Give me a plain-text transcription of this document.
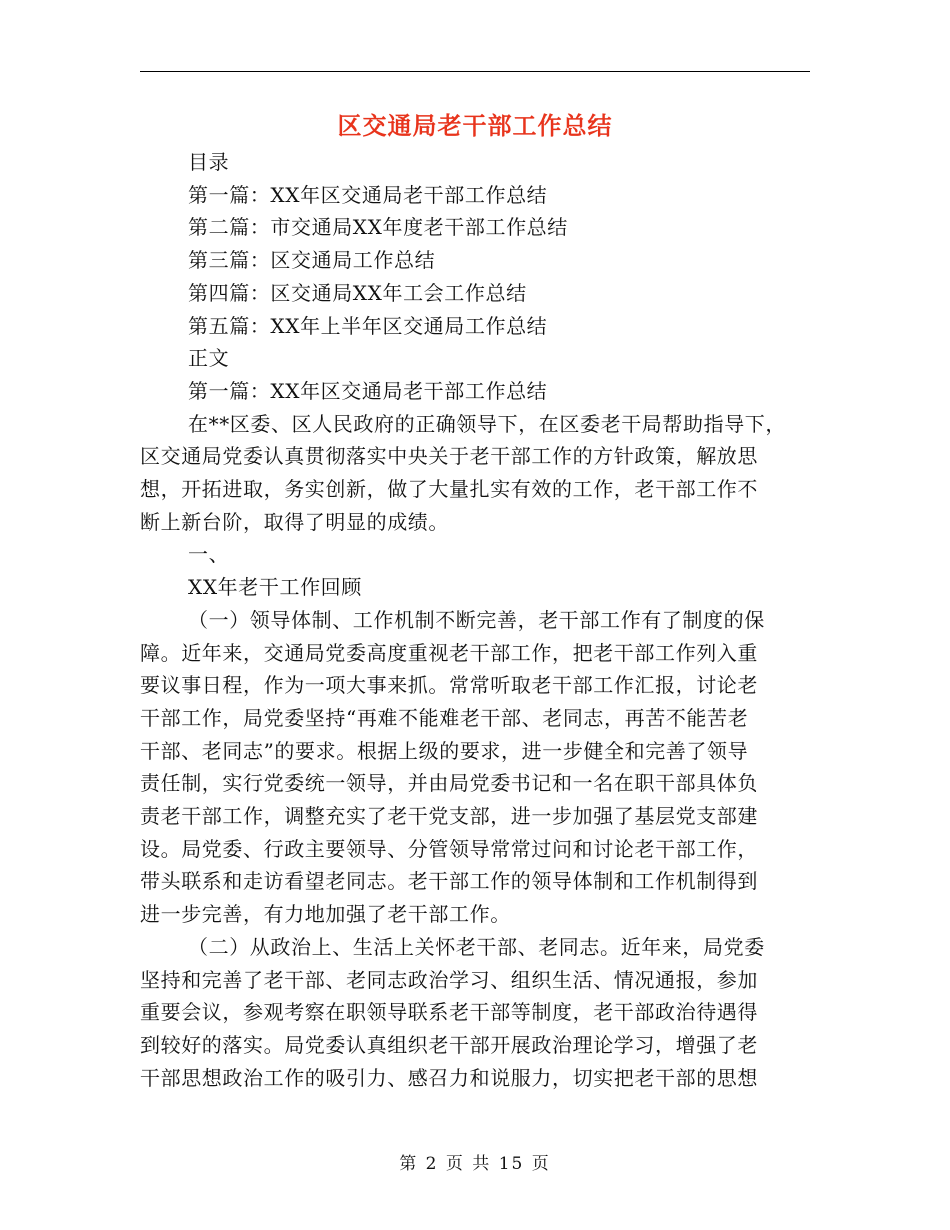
区交通局老干部工作总结

目录

第一篇：XX年区交通局老干部工作总结

第二篇：市交通局XX年度老干部工作总结

第三篇：区交通局工作总结

第四篇：区交通局XX年工会工作总结

第五篇：XX年上半年区交通局工作总结

正文

第一篇：XX年区交通局老干部工作总结

在**区委、区人民政府的正确领导下，在区委老干局帮助指导下，

区交通局党委认真贯彻落实中央关于老干部工作的方针政策，解放思

想，开拓进取，务实创新，做了大量扎实有效的工作，老干部工作不

断上新台阶，取得了明显的成绩。

一、

XX年老干工作回顾

（一）领导体制、工作机制不断完善，老干部工作有了制度的保

障。近年来，交通局党委高度重视老干部工作，把老干部工作列入重

要议事日程，作为一项大事来抓。常常听取老干部工作汇报，讨论老

干部工作，局党委坚持“再难不能难老干部、老同志，再苦不能苦老

干部、老同志”的要求。根据上级的要求，进一步健全和完善了领导

责任制，实行党委统一领导，并由局党委书记和一名在职干部具体负

责老干部工作，调整充实了老干党支部，进一步加强了基层党支部建

设。局党委、行政主要领导、分管领导常常过问和讨论老干部工作，

带头联系和走访看望老同志。老干部工作的领导体制和工作机制得到

进一步完善，有力地加强了老干部工作。

（二）从政治上、生活上关怀老干部、老同志。近年来，局党委

坚持和完善了老干部、老同志政治学习、组织生活、情况通报，参加

重要会议，参观考察在职领导联系老干部等制度，老干部政治待遇得

到较好的落实。局党委认真组织老干部开展政治理论学习，增强了老

干部思想政治工作的吸引力、感召力和说服力，切实把老干部的思想

第 2 页 共 15 页
